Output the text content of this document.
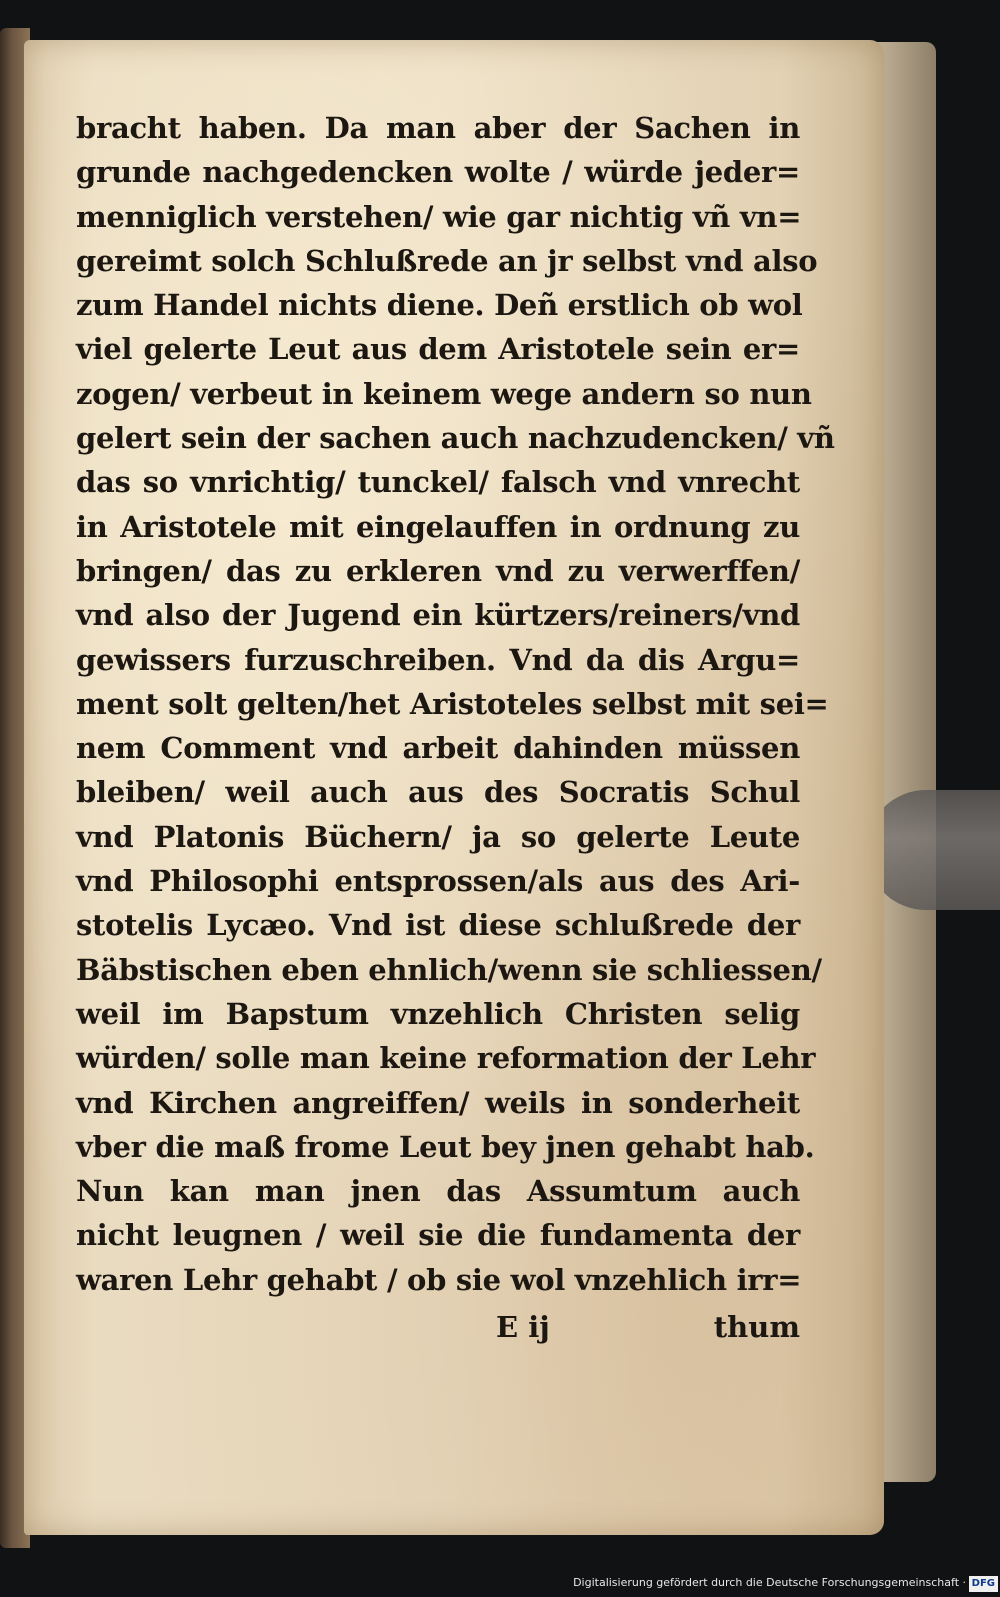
bracht haben. Da man aber der Sachen in
grunde nachgedencken wolte / würde jeder=
menniglich verstehen/ wie gar nichtig vñ vn=
gereimt solch Schlußrede an jr selbst vnd also
zum Handel nichts diene. Deñ erstlich ob wol
viel gelerte Leut aus dem Aristotele sein er=
zogen/ verbeut in keinem wege andern so nun
gelert sein der sachen auch nachzudencken/ vñ
das so vnrichtig/ tunckel/ falsch vnd vnrecht
in Aristotele mit eingelauffen in ordnung zu
bringen/ das zu erkleren vnd zu verwerffen/
vnd also der Jugend ein kürtzers/reiners/vnd
gewissers furzuschreiben. Vnd da dis Argu=
ment solt gelten/het Aristoteles selbst mit sei=
nem Comment vnd arbeit dahinden müssen
bleiben/ weil auch aus des Socratis Schul
vnd Platonis Büchern/ ja so gelerte Leute
vnd Philosophi entsprossen/als aus des Ari-
stotelis Lycæo. Vnd ist diese schlußrede der
Bäbstischen eben ehnlich/wenn sie schliessen/
weil im Bapstum vnzehlich Christen selig
würden/ solle man keine reformation der Lehr
vnd Kirchen angreiffen/ weils in sonderheit
vber die maß frome Leut bey jnen gehabt hab.
Nun kan man jnen das Assumtum auch
nicht leugnen / weil sie die fundamenta der
waren Lehr gehabt / ob sie wol vnzehlich irr=
E ij	thum
Digitalisierung gefördert durch die Deutsche Forschungsgemeinschaft · DFG
